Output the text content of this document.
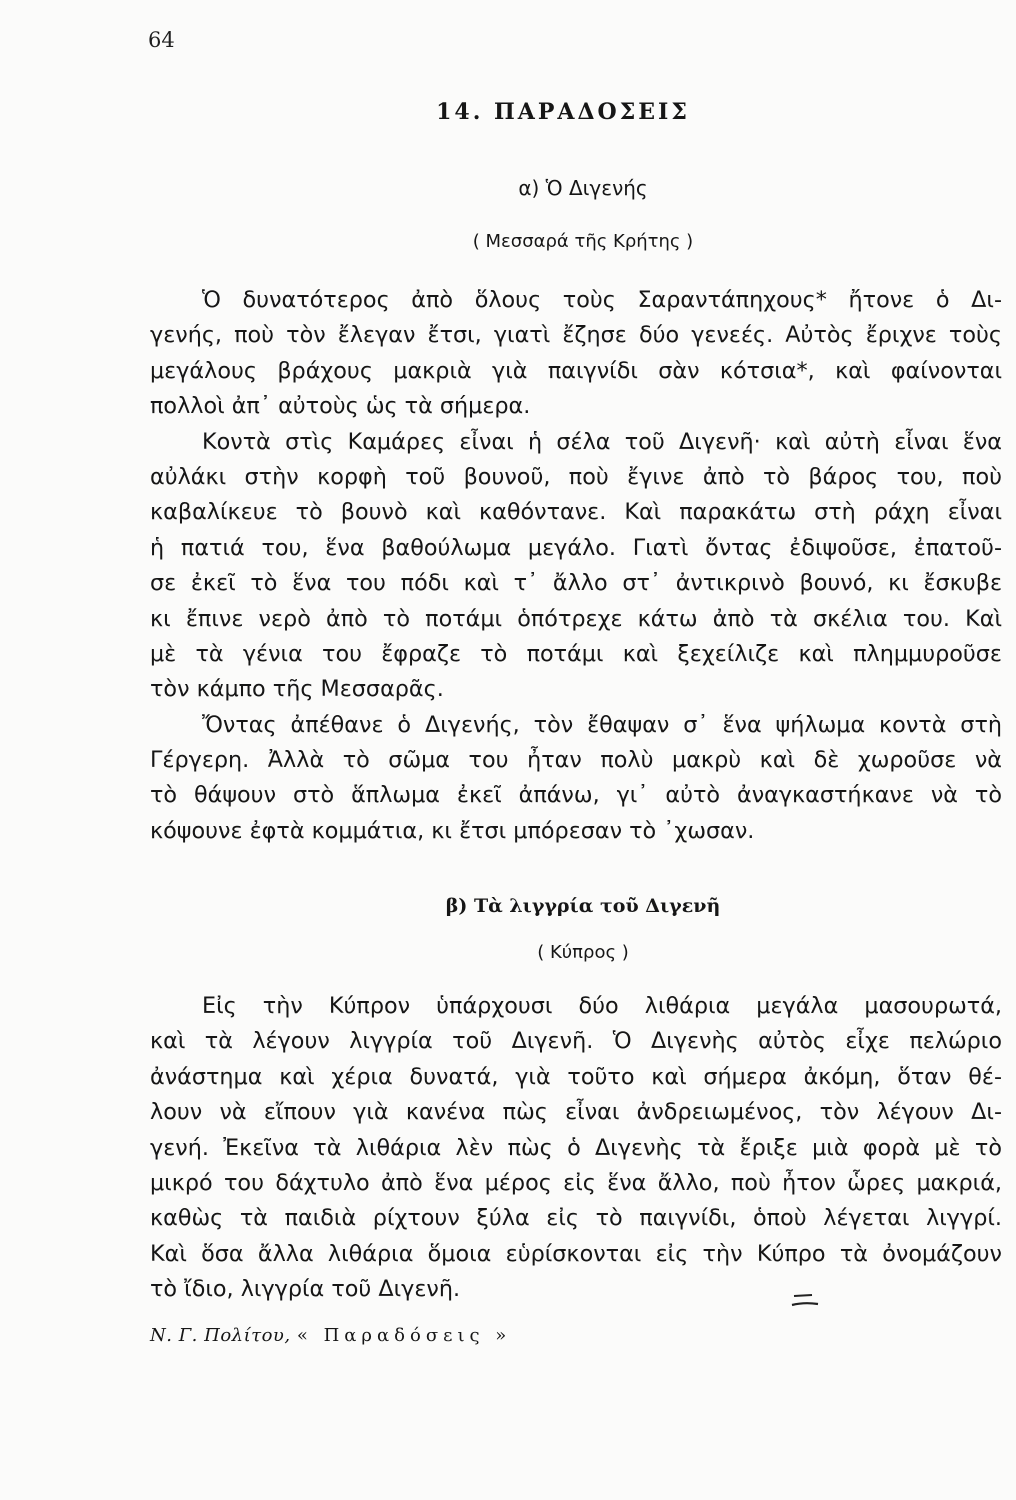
64
14. ΠΑΡΑΔΟΣΕΙΣ
α) Ὁ Διγενής
( Μεσσαρά τῆς Κρήτης )
Ὁ δυνατότερος ἀπὸ ὅλους τοὺς Σαραντάπηχους* ἤτονε ὁ Δι-
γενής, ποὺ τὸν ἔλεγαν ἔτσι, γιατὶ ἔζησε δύο γενεές. Αὐτὸς ἔριχνε τοὺς
μεγάλους βράχους μακριὰ γιὰ παιγνίδι σὰν κότσια*, καὶ φαίνονται
πολλοὶ ἀπ᾿ αὐτοὺς ὡς τὰ σήμερα.
Κοντὰ στὶς Καμάρες εἶναι ἡ σέλα τοῦ Διγενῆ· καὶ αὐτὴ εἶναι ἕνα
αὐλάκι στὴν κορφὴ τοῦ βουνοῦ, ποὺ ἔγινε ἀπὸ τὸ βάρος του, ποὺ
καβαλίκευε τὸ βουνὸ καὶ καθόντανε. Καὶ παρακάτω στὴ ράχη εἶναι
ἡ πατιά του, ἕνα βαθούλωμα μεγάλο. Γιατὶ ὄντας ἐδιψοῦσε, ἐπατοῦ-
σε ἐκεῖ τὸ ἕνα του πόδι καὶ τ᾿ ἄλλο στ᾿ ἀντικρινὸ βουνό, κι ἔσκυβε
κι ἔπινε νερὸ ἀπὸ τὸ ποτάμι ὁπότρεχε κάτω ἀπὸ τὰ σκέλια του. Καὶ
μὲ τὰ γένια του ἔφραζε τὸ ποτάμι καὶ ξεχείλιζε καὶ πλημμυροῦσε
τὸν κάμπο τῆς Μεσσαρᾶς.
Ὄντας ἀπέθανε ὁ Διγενής, τὸν ἔθαψαν σ᾿ ἕνα ψήλωμα κοντὰ στὴ
Γέργερη. Ἀλλὰ τὸ σῶμα του ἦταν πολὺ μακρὺ καὶ δὲ χωροῦσε νὰ
τὸ θάψουν στὸ ἅπλωμα ἐκεῖ ἀπάνω, γι᾿ αὐτὸ ἀναγκαστήκανε νὰ τὸ
κόψουνε ἐφτὰ κομμάτια, κι ἔτσι μπόρεσαν τὸ ᾿χωσαν.
β) Τὰ λιγγρία τοῦ Διγενῆ
( Κύπρος )
Εἰς τὴν Κύπρον ὑπάρχουσι δύο λιθάρια μεγάλα μασουρωτά,
καὶ τὰ λέγουν λιγγρία τοῦ Διγενῆ. Ὁ Διγενὴς αὐτὸς εἶχε πελώριο
ἀνάστημα καὶ χέρια δυνατά, γιὰ τοῦτο καὶ σήμερα ἀκόμη, ὅταν θέ-
λουν νὰ εἴπουν γιὰ κανένα πὼς εἶναι ἀνδρειωμένος, τὸν λέγουν Δι-
γενή. Ἐκεῖνα τὰ λιθάρια λὲν πὼς ὁ Διγενὴς τὰ ἔριξε μιὰ φορὰ μὲ τὸ
μικρό του δάχτυλο ἀπὸ ἕνα μέρος εἰς ἕνα ἄλλο, ποὺ ἦτον ὧρες μακριά,
καθὼς τὰ παιδιὰ ρίχτουν ξύλα εἰς τὸ παιγνίδι, ὁποὺ λέγεται λιγγρί.
Καὶ ὅσα ἄλλα λιθάρια ὅμοια εὑρίσκονται εἰς τὴν Κύπρο τὰ ὀνομάζουν
τὸ ἴδιο, λιγγρία τοῦ Διγενῆ.
Ν. Γ. Πολίτου, « Παραδόσεις »
